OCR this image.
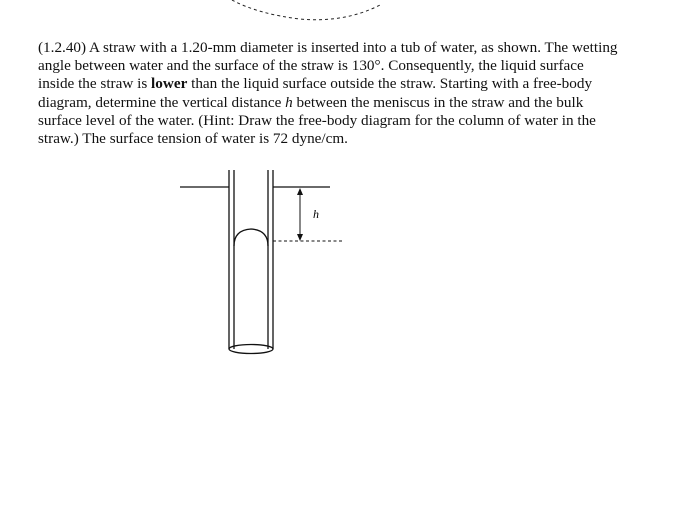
(1.2.40) A straw with a 1.20-mm diameter is inserted into a tub of water, as shown. The wetting
angle between water and the surface of the straw is 130°. Consequently, the liquid surface
inside the straw is lower than the liquid surface outside the straw. Starting with a free-body
diagram, determine the vertical distance h between the meniscus in the straw and the bulk
surface level of the water. (Hint: Draw the free-body diagram for the column of water in the
straw.) The surface tension of water is 72 dyne/cm.

h
